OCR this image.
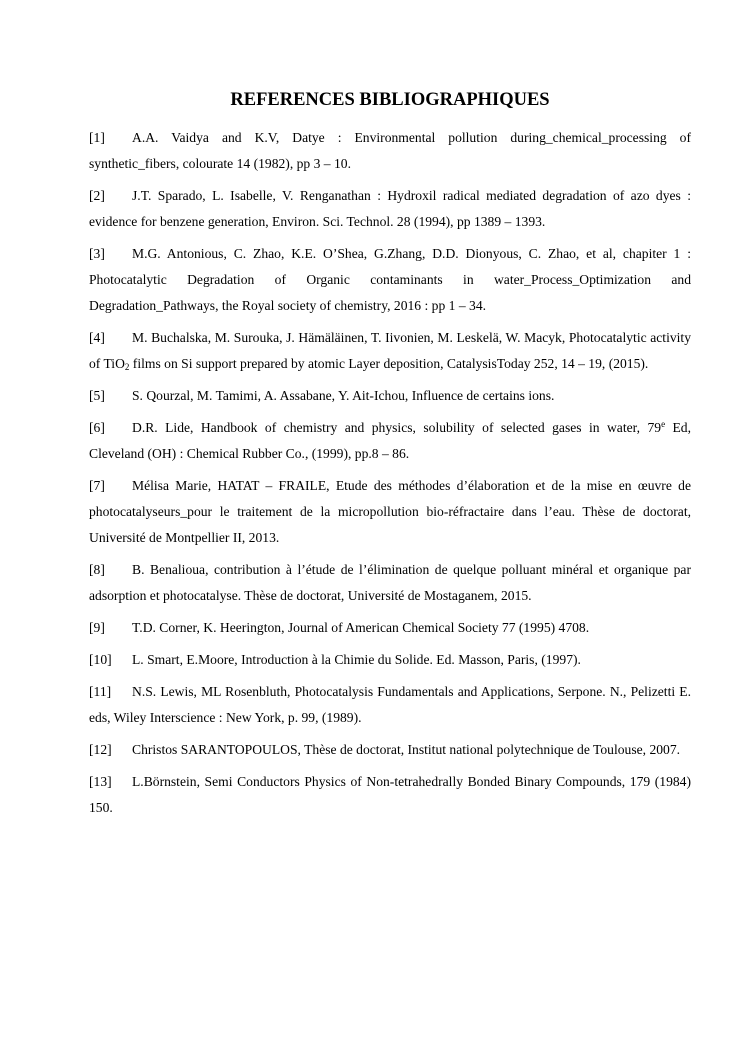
REFERENCES BIBLIOGRAPHIQUES

[1] A.A. Vaidya and K.V, Datye : Environmental pollution during_chemical_processing of synthetic_fibers, colourate 14 (1982), pp 3 – 10.

[2] J.T. Sparado, L. Isabelle, V. Renganathan : Hydroxil radical mediated degradation of azo dyes : evidence for benzene generation, Environ. Sci. Technol. 28 (1994), pp 1389 – 1393.

[3] M.G. Antonious, C. Zhao, K.E. O’Shea, G.Zhang, D.D. Dionyous, C. Zhao, et al, chapiter 1 : Photocatalytic Degradation of Organic contaminants in water_Process_Optimization and Degradation_Pathways, the Royal society of chemistry, 2016 : pp 1 – 34.

[4] M. Buchalska, M. Surouka, J. Hämäläinen, T. Iivonien, M. Leskelä, W. Macyk, Photocatalytic activity of TiO$_2$ films on Si support prepared by atomic Layer deposition, CatalysisToday 252, 14 – 19, (2015).

[5] S. Qourzal, M. Tamimi, A. Assabane, Y. Ait-Ichou, Influence de certains ions.

[6] D.R. Lide, Handbook of chemistry and physics, solubility of selected gases in water, 79e Ed, Cleveland (OH) : Chemical Rubber Co., (1999), pp.8 – 86.

[7] Mélisa Marie, HATAT – FRAILE, Etude des méthodes d’élaboration et de la mise en œuvre de photocatalyseurs_pour le traitement de la micropollution bio-réfractaire dans l’eau. Thèse de doctorat, Université de Montpellier II, 2013.

[8] B. Benalioua, contribution à l’étude de l’élimination de quelque polluant minéral et organique par adsorption et photocatalyse. Thèse de doctorat, Université de Mostaganem, 2015.

[9] T.D. Corner, K. Heerington, Journal of American Chemical Society 77 (1995) 4708.

[10] L. Smart, E.Moore, Introduction à la Chimie du Solide. Ed. Masson, Paris, (1997).

[11] N.S. Lewis, ML Rosenbluth, Photocatalysis Fundamentals and Applications, Serpone. N., Pelizetti E. eds, Wiley Interscience : New York, p. 99, (1989).

[12] Christos SARANTOPOULOS, Thèse de doctorat, Institut national polytechnique de Toulouse, 2007.

[13] L.Börnstein, Semi Conductors Physics of Non-tetrahedrally Bonded Binary Compounds, 179 (1984) 150.
